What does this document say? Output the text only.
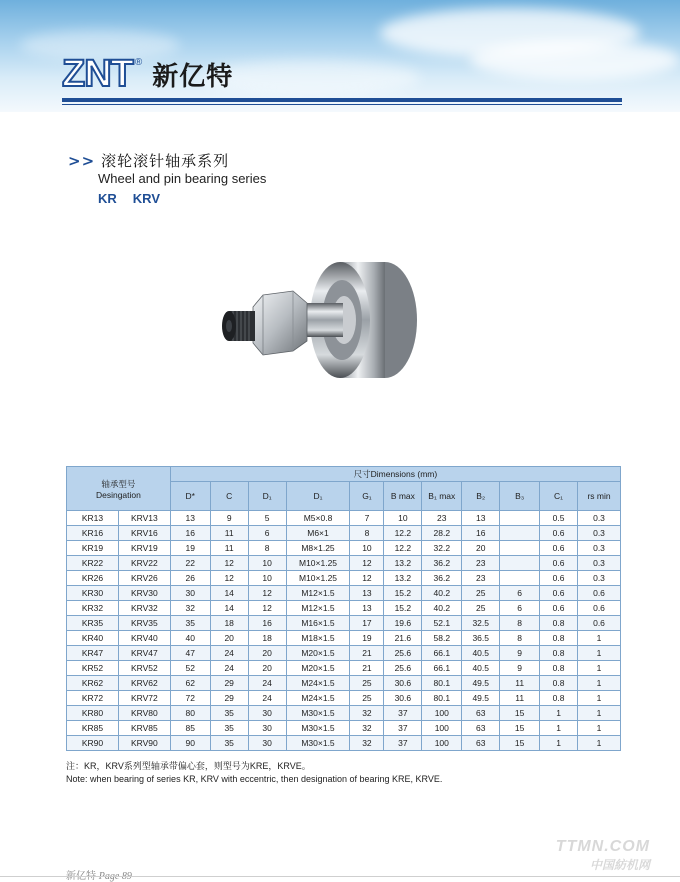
ZNT ® 新亿特
>> 滚轮滚针轴承系列
Wheel and pin bearing series
KR KRV
轴承型号
Desingation		尺寸Dimensions (mm)										
		D*	C	D₁	D₁	G₁	B max	B₁ max	B₂	B₃	C₁	rs min
KR13	KRV13	13	9	5	M5×0.8	7	10	23	13		0.5	0.3
KR16	KRV16	16	11	6	M6×1	8	12.2	28.2	16		0.6	0.3
KR19	KRV19	19	11	8	M8×1.25	10	12.2	32.2	20		0.6	0.3
KR22	KRV22	22	12	10	M10×1.25	12	13.2	36.2	23		0.6	0.3
KR26	KRV26	26	12	10	M10×1.25	12	13.2	36.2	23		0.6	0.3
KR30	KRV30	30	14	12	M12×1.5	13	15.2	40.2	25	6	0.6	0.6
KR32	KRV32	32	14	12	M12×1.5	13	15.2	40.2	25	6	0.6	0.6
KR35	KRV35	35	18	16	M16×1.5	17	19.6	52.1	32.5	8	0.8	0.6
KR40	KRV40	40	20	18	M18×1.5	19	21.6	58.2	36.5	8	0.8	1
KR47	KRV47	47	24	20	M20×1.5	21	25.6	66.1	40.5	9	0.8	1
KR52	KRV52	52	24	20	M20×1.5	21	25.6	66.1	40.5	9	0.8	1
KR62	KRV62	62	29	24	M24×1.5	25	30.6	80.1	49.5	11	0.8	1
KR72	KRV72	72	29	24	M24×1.5	25	30.6	80.1	49.5	11	0.8	1
KR80	KRV80	80	35	30	M30×1.5	32	37	100	63	15	1	1
KR85	KRV85	85	35	30	M30×1.5	32	37	100	63	15	1	1
KR90	KRV90	90	35	30	M30×1.5	32	37	100	63	15	1	1
注：KR，KRV系列型轴承带偏心套，则型号为KRE，KRVE。
Note: when bearing of series KR, KRV with eccentric, then designation of bearing KRE, KRVE.
TTMN.COM
中国紡机网
